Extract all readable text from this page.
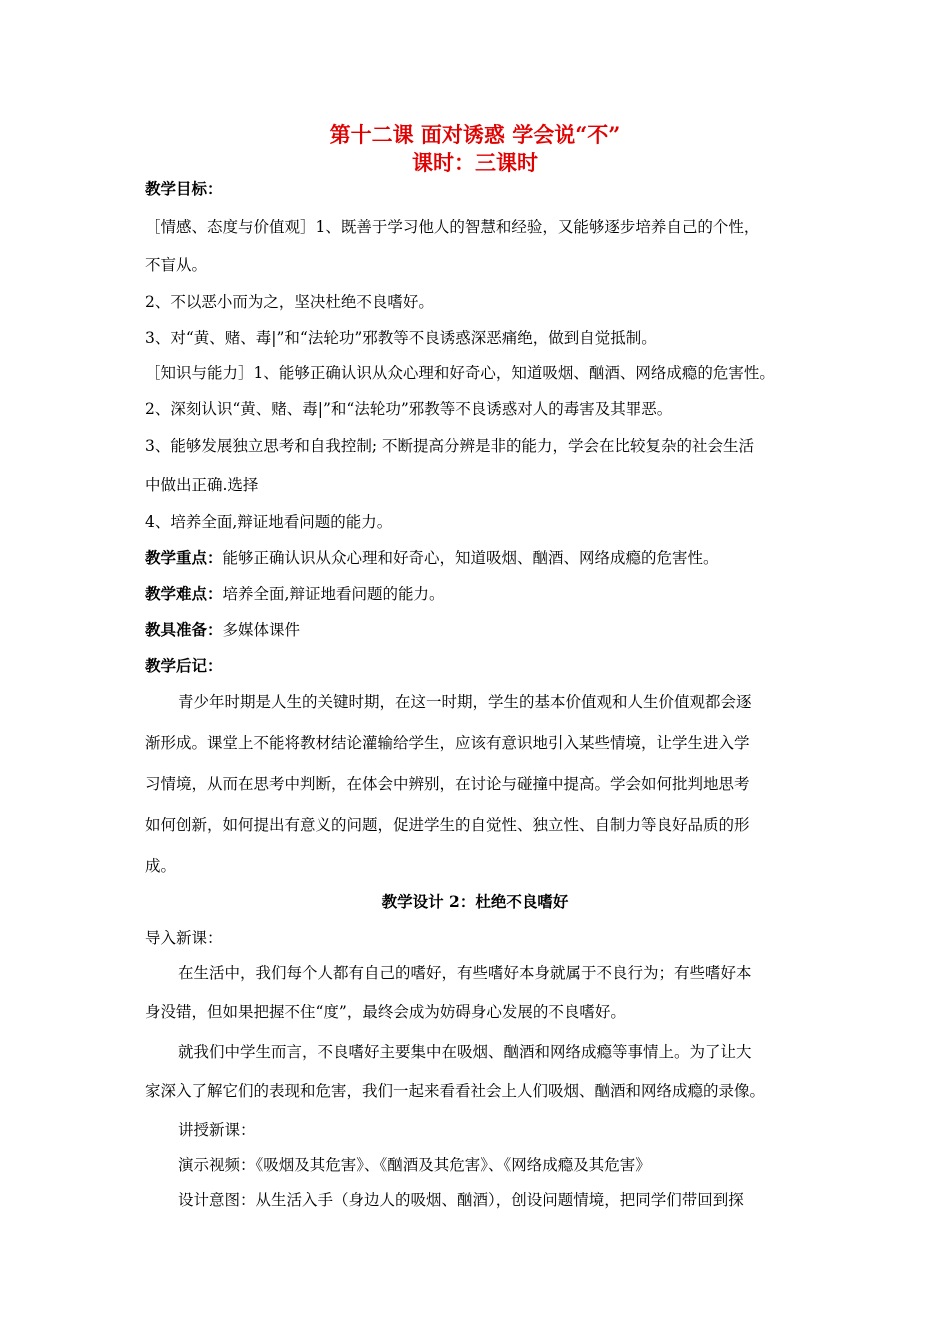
第十二课 面对诱惑 学会说“不”
课时：三课时
教学目标：
［情感、态度与价值观］1、既善于学习他人的智慧和经验，又能够逐步培养自己的个性，
不盲从。
2、不以恶小而为之，坚决杜绝不良嗜好。
3、对“黄、赌、毒|”和“法轮功”邪教等不良诱惑深恶痛绝，做到自觉抵制。
［知识与能力］1、能够正确认识从众心理和好奇心，知道吸烟、酗酒、网络成瘾的危害性。
2、深刻认识“黄、赌、毒|”和“法轮功”邪教等不良诱惑对人的毒害及其罪恶。
3、能够发展独立思考和自我控制; 不断提高分辨是非的能力，学会在比较复杂的社会生活
中做出正确.选择
4、培养全面,辩证地看问题的能力。
教学重点：能够正确认识从众心理和好奇心，知道吸烟、酗酒、网络成瘾的危害性。
教学难点：培养全面,辩证地看问题的能力。
教具准备：多媒体课件
教学后记：
青少年时期是人生的关键时期，在这一时期，学生的基本价值观和人生价值观都会逐
渐形成。课堂上不能将教材结论灌输给学生，应该有意识地引入某些情境，让学生进入学
习情境，从而在思考中判断，在体会中辨别，在讨论与碰撞中提高。学会如何批判地思考
如何创新，如何提出有意义的问题，促进学生的自觉性、独立性、自制力等良好品质的形
成。
教学设计 2：杜绝不良嗜好
导入新课：
在生活中，我们每个人都有自己的嗜好，有些嗜好本身就属于不良行为；有些嗜好本
身没错，但如果把握不住“度”，最终会成为妨碍身心发展的不良嗜好。
就我们中学生而言，不良嗜好主要集中在吸烟、酗酒和网络成瘾等事情上。为了让大
家深入了解它们的表现和危害，我们一起来看看社会上人们吸烟、酗酒和网络成瘾的录像。
讲授新课：
演示视频：《吸烟及其危害》、《酗酒及其危害》、《网络成瘾及其危害》
设计意图：从生活入手（身边人的吸烟、酗酒），创设问题情境，把同学们带回到探
